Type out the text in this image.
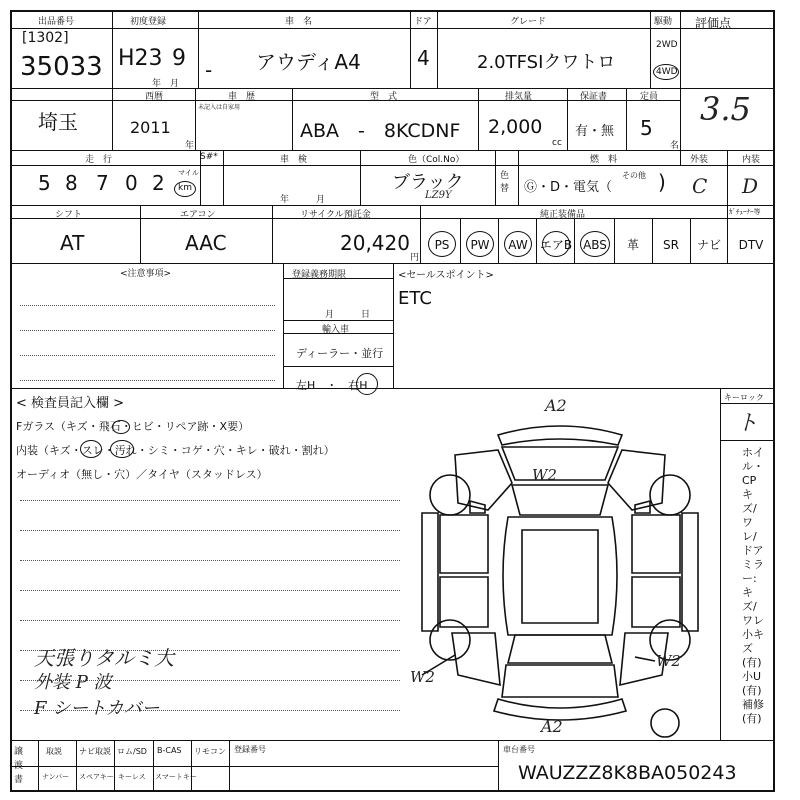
出品番号
[1302]
35033
初度登録
H23 9
年　月
車　名
- アウディA4
ドア
4
グレード
2.0TFSIクワトロ
駆動
2WD
4WD
評価点
3.5
埼玉
西暦
2011
年
車　歴
未記入は自家用
型　式
ABA　-　8KCDNF
排気量
2,000
cc
保証書
有・無
定員
5
名
走　行
5 8 7 0 2 マイル
km
S#*	車　検
年　　　月
色（Col.No）
ブラック
LZ9Y
色替
燃　料
Ⓖ・D・電気（
その他 )
外装
C
内装
D
シフト
AT
エアコン
AAC
リサイクル預託金
20,420
円
純正装備品	ｶﾞﾁｭｰﾅｰ等
PS	PW	AW	エアB ABS	革	SR	ナビ	DTV
<注意事項>	登録義務期限
月　　　日
輸入車
ディーラー・並行
左H　・　右H
<セールスポイント>
ETC
< 検査員記入欄 >
Fガラス（キズ・飛石・ヒビ・リペア跡・X要）
内装（キズ・スレ・汚れ・シミ・コゲ・穴・キレ・破れ・割れ）
オーディオ（無し・穴）／タイヤ（スタッドレス）
天張りタルミ大
外装 P 波
F シートカバー
キーロック
ト
ホイル・CPキズ/ワレ/ドアミラー:キズ/ワレ 小キズ(有) 小U(有) 補修(有)
A2
W2
W2
W2
A2
譲渡書
取説 ナビ取説 ロム/SD B-CAS リモコン
ナンバー スペアキー キーレス スマートキー
登録番号	車台番号
WAUZZZ8K8BA050243
